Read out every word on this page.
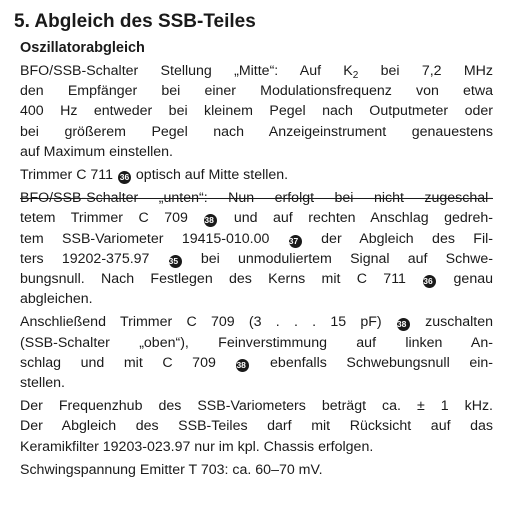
5. Abgleich des SSB-Teiles
Oszillatorabgleich
BFO/SSB-Schalter Stellung „Mitte“: Auf $K_2$ bei 7,2 MHz
den Empfänger bei einer Modulationsfrequenz von etwa
400 Hz entweder bei kleinem Pegel nach Outputmeter oder
bei größerem Pegel nach Anzeigeinstrument genauestens
auf Maximum einstellen.
Trimmer C 711 36 optisch auf Mitte stellen.
BFO/SSB-Schalter „unten“: Nun erfolgt bei nicht zugeschal-
tetem Trimmer C 709 38 und auf rechten Anschlag gedreh-
tem SSB-Variometer 19415-010.00 37 der Abgleich des Fil-
ters 19202-375.97 35 bei unmoduliertem Signal auf Schwe-
bungsnull. Nach Festlegen des Kerns mit C 711 36 genau
abgleichen.
Anschließend Trimmer C 709 (3 . . . 15 pF) 38 zuschalten
(SSB-Schalter „oben“), Feinverstimmung auf linken An-
schlag und mit C 709 38 ebenfalls Schwebungsnull ein-
stellen.
Der Frequenzhub des SSB-Variometers beträgt ca. ± 1 kHz.
Der Abgleich des SSB-Teiles darf mit Rücksicht auf das
Keramikfilter 19203-023.97 nur im kpl. Chassis erfolgen.
Schwingspannung Emitter T 703: ca. 60–70 mV.
